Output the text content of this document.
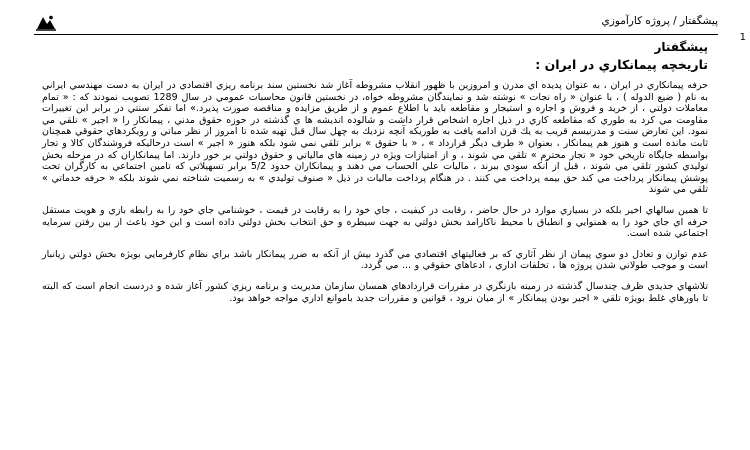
پيشگفتار / پروژه كارآموزي
1
پيشگفتار
تاريخچه پيمانكاري در ايران :

حرفه پيمانكاري در ايران ، به عنوان پديده اي مدرن و امروزين با ظهور انقلاب مشروطه آغاز شد نخستين سند برنامه ريزي اقتصادي در ايران به دست مهندسي ايراني به نام ( ضيع الدوله ) ، با عنوان « راه نجات » نوشته شد و نمايندگان مشروطه خواه، در نخستين قانون محاسبات عمومي در سال 1289 تصويب نمودند كه : « تمام معاملات دولتي ، از خريد و فروش و اجاره و استيجار و مقاطعه بايد با اطلاع عموم و از طريق مزايده و مناقصه صورت پذيرد.» اما تفكر سنتي در برابر اين تغييرات مقاومت مي كرد به طوري كه مقاطعه كاري در ذيل اجاره اشخاص قرار داشت و شالوده انديشه ها ي گذشته در حوزه حقوق مدني ، پيمانكار را « اجير » تلقي مي نمود. اين تعارض سنت و مدرنيسم قريب به يك قرن ادامه يافت به طوريكه آنچه نزديك به چهل سال قبل تهيه شده تا امروز از نظر مباني و رويكردهاي حقوقي همچنان ثابت مانده است و هنوز هم پيمانكار ، بعنوان « طرف ديگر قرارداد » ، « با حقوق » برابر تلقي نمي شود بلكه هنوز « اجير » است درحاليكه فروشندگان كالا و تجار بواسطه جايگاه تاريخي خود « تجار محترم » تلقي مي شوند ، و از امتيازات ويژه در زمينه هاي مالياتي و حقوق دولتي بر خور دارند. اما پيمانكاران كه در مرحله بخش توليدي كشور تلقي مي شوند ، قبل از آنكه سودي ببرند ، ماليات علي الحساب مي دهند و پيمانكاران حدود 5/2 برابر تسهيلاتي كه تامين اجتماعي به كارگران تحت پوشش پيمانكار پرداخت مي كند حق بيمه پرداخت مي كنند . در هنگام پرداخت ماليات در ذيل « صنوف توليدي » به رسميت شناخته نمي شوند بلكه « حرفه خدماتي » تلقي مي شوند

تا همين سالهاي اخير بلكه در بسياري موارد در حال حاضر ، رقابت در كيفيت ، جاي خود را به رقابت در قيمت ، خوشنامي جاي خود را به رابطه بازي و هويت مستقل حرفه اي جاي خود را به همنوايي و انطباق با محيط ناكارامد بخش دولتي به جهت سيطره و حق انتخاب بخش دولتي داده است و اين خود باعث از بين رفتن سرمايه اجتماعي شده است.

عدم توازن و تعادل دو سوي پيمان از نظر آثاري كه بر فعاليتهاي اقتصادي مي گذرد بيش از آنكه به ضرر پيمانكار باشد براي نظام كارفرمايي بويژه بخش دولتي زيانبار است و موجب طولاني شدن پروژه ها ، تخلفات اداري ، ادعاهاي حقوقي و ... مي گردد.

تلاشهاي جديدي ظرف چندسال گذشته در زمينه بازنگري در مقررات قراردادهاي همسان سازمان مديريت و برنامه ريزي كشور آغاز شده و دردست انجام است كه البته تا باورهاي غلط بويژه تلقي « اجير بودن پيمانكار » از ميان نرود ، قوانين و مقررات جديد باموانع اداري مواجه خواهد بود.
